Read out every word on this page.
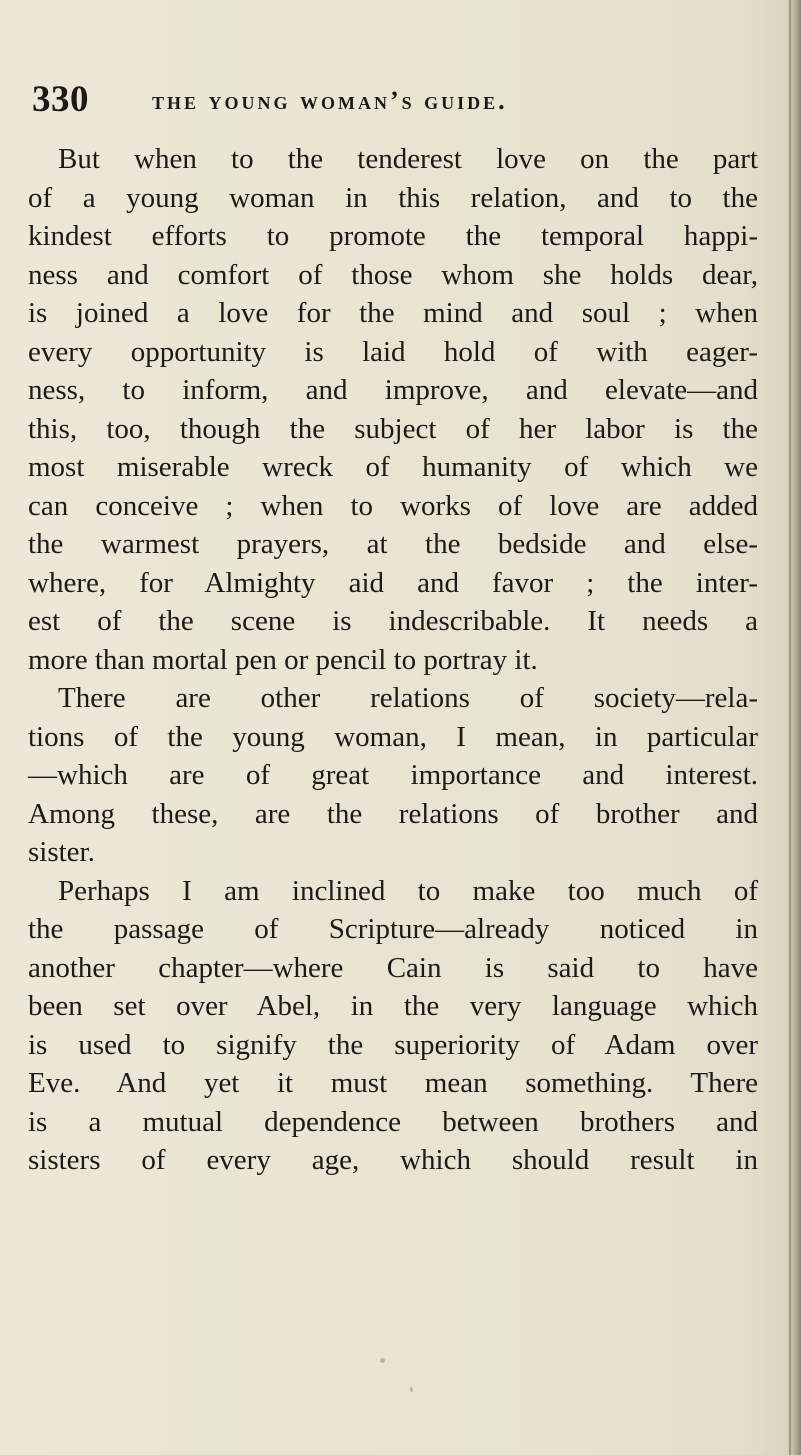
330 the young woman’s guide.
But when to the tenderest love on the part
of a young woman in this relation, and to the
kindest efforts to promote the temporal happi-
ness and comfort of those whom she holds dear,
is joined a love for the mind and soul ; when
every opportunity is laid hold of with eager-
ness, to inform, and improve, and elevate—and
this, too, though the subject of her labor is the
most miserable wreck of humanity of which we
can conceive ; when to works of love are added
the warmest prayers, at the bedside and else-
where, for Almighty aid and favor ; the inter-
est of the scene is indescribable. It needs a
more than mortal pen or pencil to portray it.
There are other relations of society—rela-
tions of the young woman, I mean, in particular
—which are of great importance and interest.
Among these, are the relations of brother and
sister.
Perhaps I am inclined to make too much of
the passage of Scripture—already noticed in
another chapter—where Cain is said to have
been set over Abel, in the very language which
is used to signify the superiority of Adam over
Eve. And yet it must mean something. There
is a mutual dependence between brothers and
sisters of every age, which should result in
